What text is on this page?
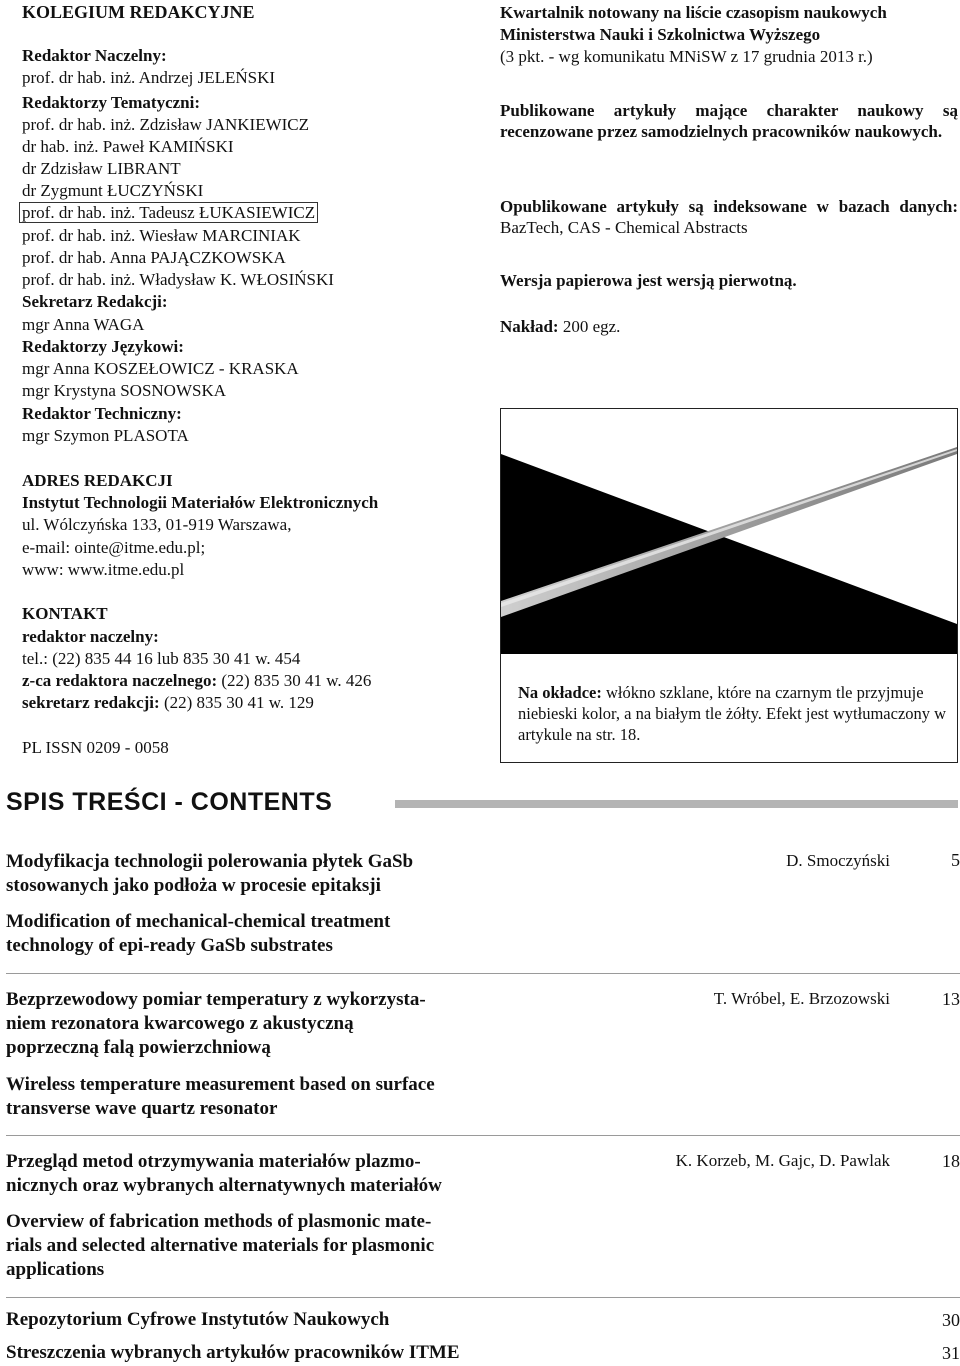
KOLEGIUM REDAKCYJNE
Redaktor Naczelny:
prof. dr hab. inż. Andrzej JELEŃSKI
Redaktorzy Tematyczni:
prof. dr hab. inż. Zdzisław JANKIEWICZ
dr hab. inż. Paweł KAMIŃSKI
dr Zdzisław LIBRANT
dr Zygmunt ŁUCZYŃSKI
prof. dr hab. inż. Tadeusz ŁUKASIEWICZ
prof. dr hab. inż. Wiesław MARCINIAK
prof. dr hab. Anna PAJĄCZKOWSKA
prof. dr hab. inż. Władysław K. WŁOSIŃSKI
Sekretarz Redakcji:
mgr Anna WAGA
Redaktorzy Językowi:
mgr Anna KOSZEŁOWICZ - KRASKA
mgr Krystyna SOSNOWSKA
Redaktor Techniczny:
mgr Szymon PLASOTA
ADRES REDAKCJI
Instytut Technologii Materiałów Elektronicznych
ul. Wólczyńska 133, 01-919 Warszawa,
e-mail: ointe@itme.edu.pl;
www: www.itme.edu.pl
KONTAKT
redaktor naczelny:
tel.: (22) 835 44 16 lub 835 30 41 w. 454
z-ca redaktora naczelnego: (22) 835 30 41 w. 426
sekretarz redakcji: (22) 835 30 41 w. 129
PL ISSN 0209 - 0058
Kwartalnik notowany na liście czasopism naukowych
Ministerstwa Nauki i Szkolnictwa Wyższego
(3 pkt. - wg komunikatu MNiSW z 17 grudnia 2013 r.)
Publikowane artykuły mające charakter naukowy są recenzowane przez samodzielnych pracowników naukowych.
Opublikowane artykuły są indeksowane w bazach danych: BazTech, CAS - Chemical Abstracts
Wersja papierowa jest wersją pierwotną.
Nakład: 200 egz.
Na okładce: włókno szklane, które na czarnym tle przyjmuje niebieski kolor, a na białym tle żółty. Efekt jest wytłumaczony w artykule na str. 18.
SPIS TREŚCI - CONTENTS
Modyfikacja technologii polerowania płytek GaSb
stosowanych jako podłoża w procesie epitaksji
Modification of mechanical-chemical treatment
technology of epi-ready GaSb substrates
D. Smoczyński	5
Bezprzewodowy pomiar temperatury z wykorzysta-
niem rezonatora kwarcowego z akustyczną
poprzeczną falą powierzchniową
Wireless temperature measurement based on surface
transverse wave quartz resonator
T. Wróbel, E. Brzozowski	13
Przegląd metod otrzymywania materiałów plazmo-
nicznych oraz wybranych alternatywnych materiałów
Overview of fabrication methods of plasmonic mate-
rials and selected alternative materials for plasmonic
applications
K. Korzeb, M. Gajc, D. Pawlak	18
Repozytorium Cyfrowe Instytutów Naukowych	30
Streszczenia wybranych artykułów pracowników ITME	31
